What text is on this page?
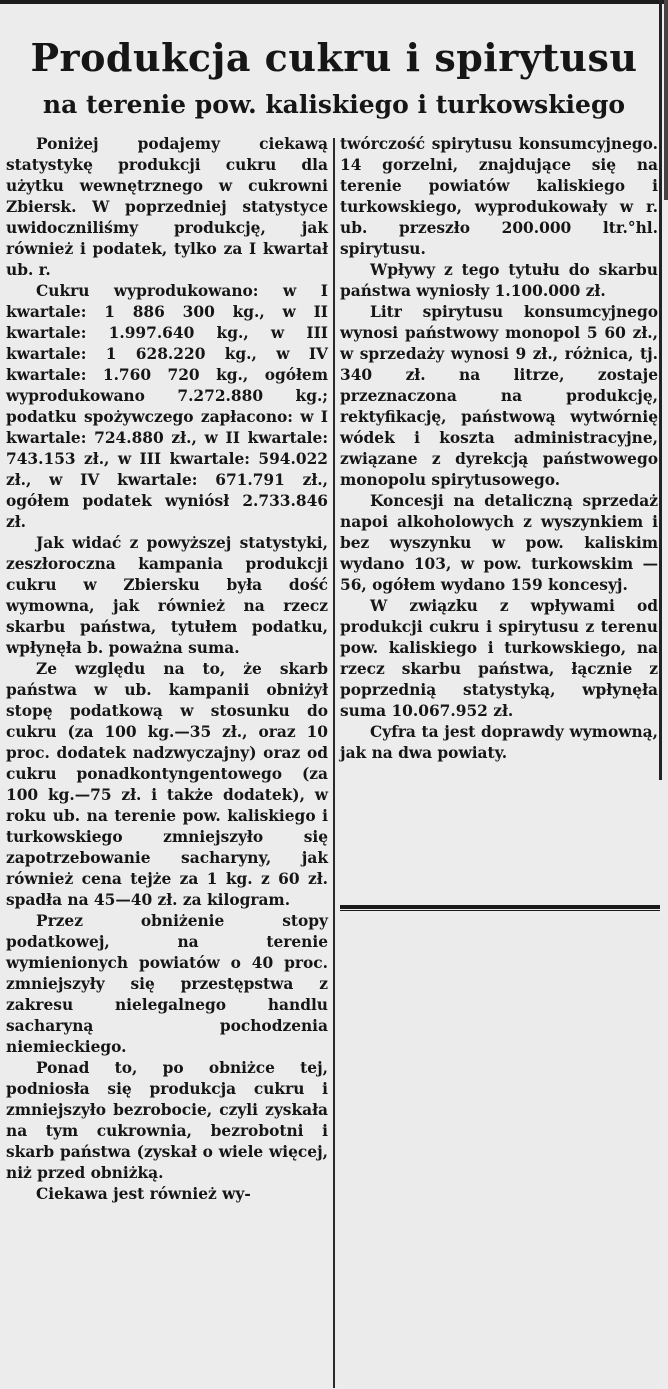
Produkcja cukru i spirytusu
na terenie pow. kaliskiego i turkowskiego

Poniżej podajemy ciekawą statystykę produkcji cukru dla użytku wewnętrznego w cukrowni Zbiersk. W poprzedniej statystyce uwidoczniliśmy produkcję, jak również i podatek, tylko za I kwartał ub. r.

Cukru wyprodukowano: w I kwartale: 1 886 300 kg., w II kwartale: 1.997.640 kg., w III kwartale: 1 628.220 kg., w IV kwartale: 1.760 720 kg., ogółem wyprodukowano 7.272.880 kg.; podatku spożywczego zapłacono: w I kwartale: 724.880 zł., w II kwartale: 743.153 zł., w III kwartale: 594.022 zł., w IV kwartale: 671.791 zł., ogółem podatek wyniósł 2.733.846 zł.

Jak widać z powyższej statystyki, zeszłoroczna kampania produkcji cukru w Zbiersku była dość wymowna, jak również na rzecz skarbu państwa, tytułem podatku, wpłynęła b. poważna suma.

Ze względu na to, że skarb państwa w ub. kampanii obniżył stopę podatkową w stosunku do cukru (za 100 kg.—35 zł., oraz 10 proc. dodatek nadzwyczajny) oraz od cukru ponadkontyngentowego (za 100 kg.—75 zł. i także dodatek), w roku ub. na terenie pow. kaliskiego i turkowskiego zmniejszyło się zapotrzebowanie sacharyny, jak również cena tejże za 1 kg. z 60 zł. spadła na 45—40 zł. za kilogram.

Przez obniżenie stopy podatkowej, na terenie wymienionych powiatów o 40 proc. zmniejszyły się przestępstwa z zakresu nielegalnego handlu sacharyną pochodzenia niemieckiego.

Ponad to, po obniżce tej, podniosła się produkcja cukru i zmniejszyło bezrobocie, czyli zyskała na tym cukrownia, bezrobotni i skarb państwa (zyskał o wiele więcej, niż przed obniżką.

Ciekawa jest również wy-

twórczość spirytusu konsumcyjnego. 14 gorzelni, znajdujące się na terenie powiatów kaliskiego i turkowskiego, wyprodukowały w r. ub. przeszło 200.000 ltr.°hl. spirytusu.

Wpływy z tego tytułu do skarbu państwa wyniosły 1.100.000 zł.

Litr spirytusu konsumcyjnego wynosi państwowy monopol 5 60 zł., w sprzedaży wynosi 9 zł., różnica, tj. 340 zł. na litrze, zostaje przeznaczona na produkcję, rektyfikację, państwową wytwórnię wódek i koszta administracyjne, związane z dyrekcją państwowego monopolu spirytusowego.

Koncesji na detaliczną sprzedaż napoi alkoholowych z wyszynkiem i bez wyszynku w pow. kaliskim wydano 103, w pow. turkowskim — 56, ogółem wydano 159 koncesyj.

W związku z wpływami od produkcji cukru i spirytusu z terenu pow. kaliskiego i turkowskiego, na rzecz skarbu państwa, łącznie z poprzednią statystyką, wpłynęła suma 10.067.952 zł.

Cyfra ta jest doprawdy wymowną, jak na dwa powiaty.
